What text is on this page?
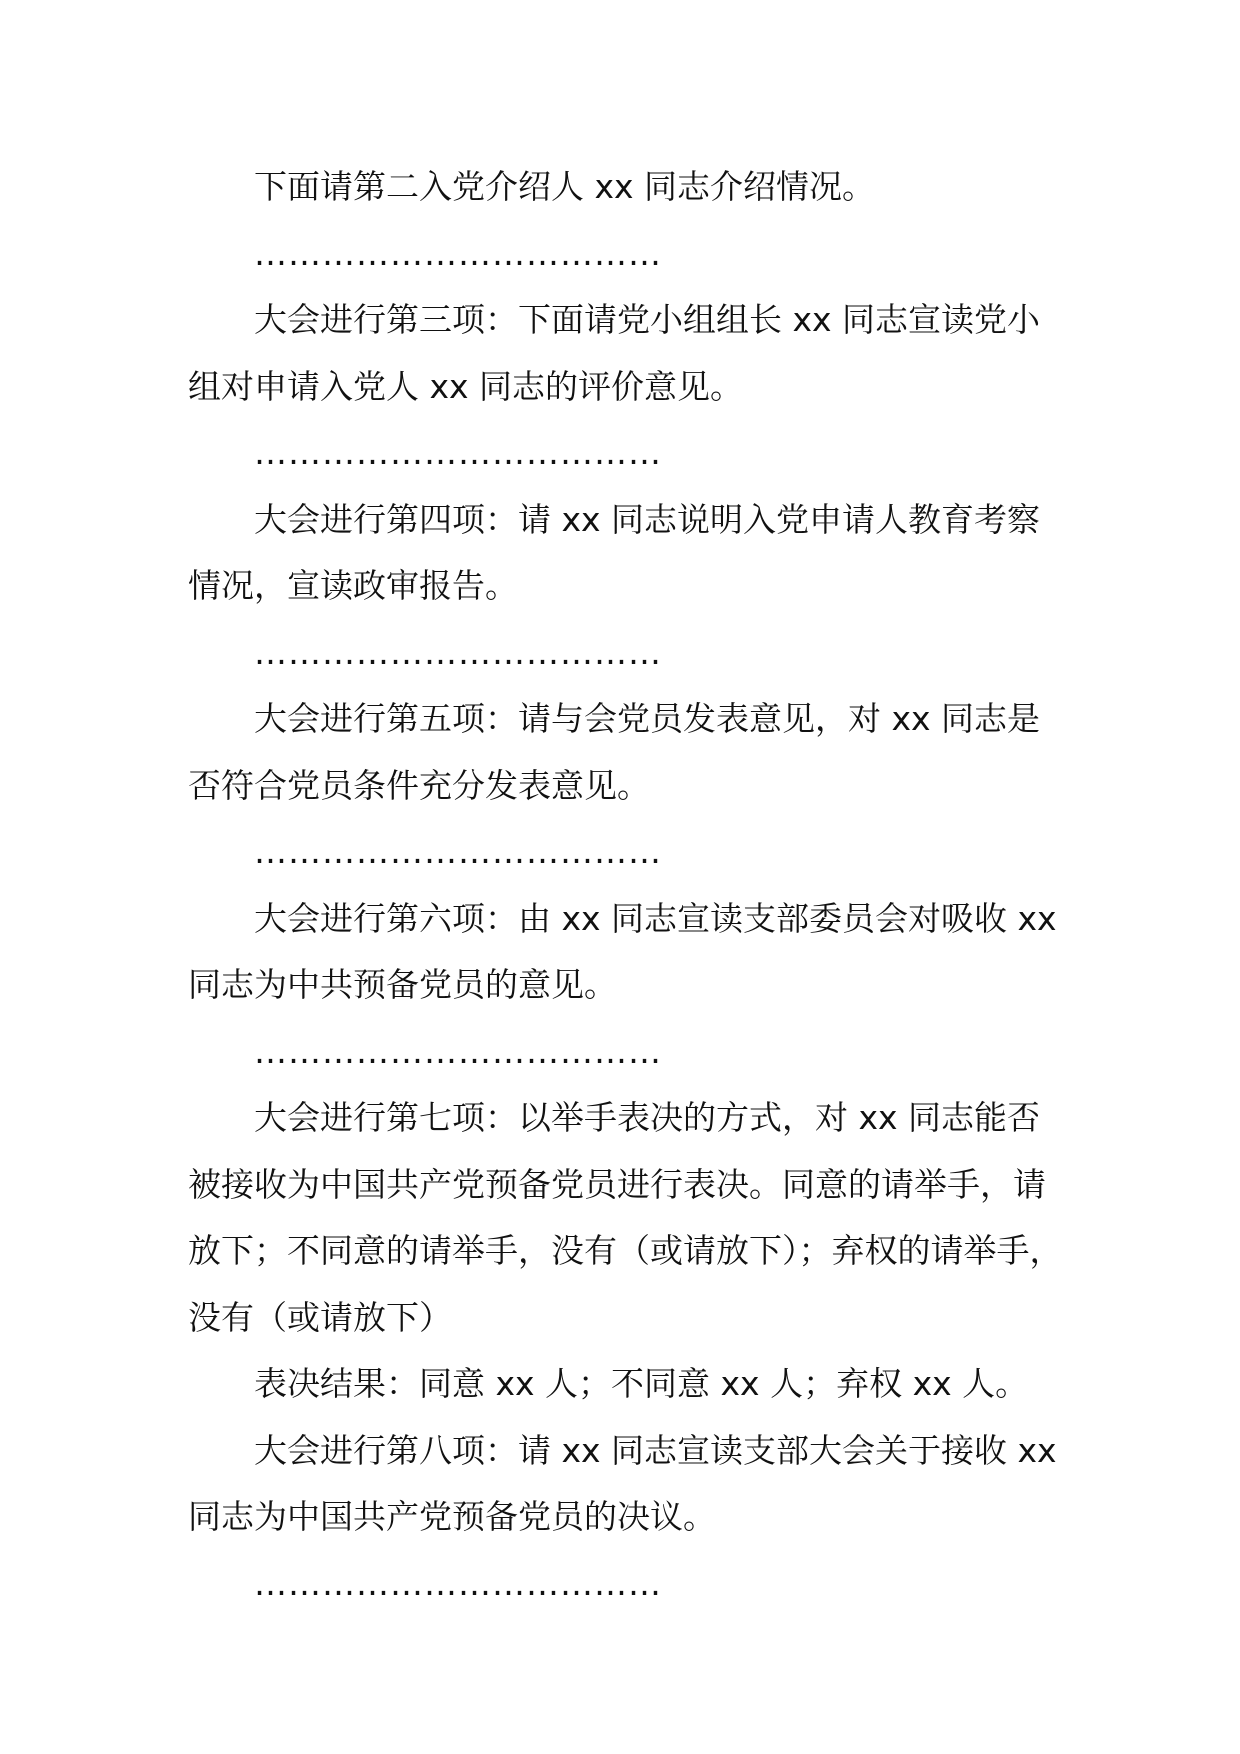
下面请第二入党介绍人 xx 同志介绍情况。

………………………………

大会进行第三项：下面请党小组组长 xx 同志宣读党小组对申请入党人 xx 同志的评价意见。

………………………………

大会进行第四项：请 xx 同志说明入党申请人教育考察情况，宣读政审报告。

………………………………

大会进行第五项：请与会党员发表意见，对 xx 同志是否符合党员条件充分发表意见。

………………………………

大会进行第六项：由 xx 同志宣读支部委员会对吸收 xx 同志为中共预备党员的意见。

………………………………

大会进行第七项：以举手表决的方式，对 xx 同志能否被接收为中国共产党预备党员进行表决。同意的请举手，请放下；不同意的请举手，没有（或请放下）；弃权的请举手，没有（或请放下）

表决结果：同意 xx 人；不同意 xx 人；弃权 xx 人。

大会进行第八项：请 xx 同志宣读支部大会关于接收 xx 同志为中国共产党预备党员的决议。

………………………………
